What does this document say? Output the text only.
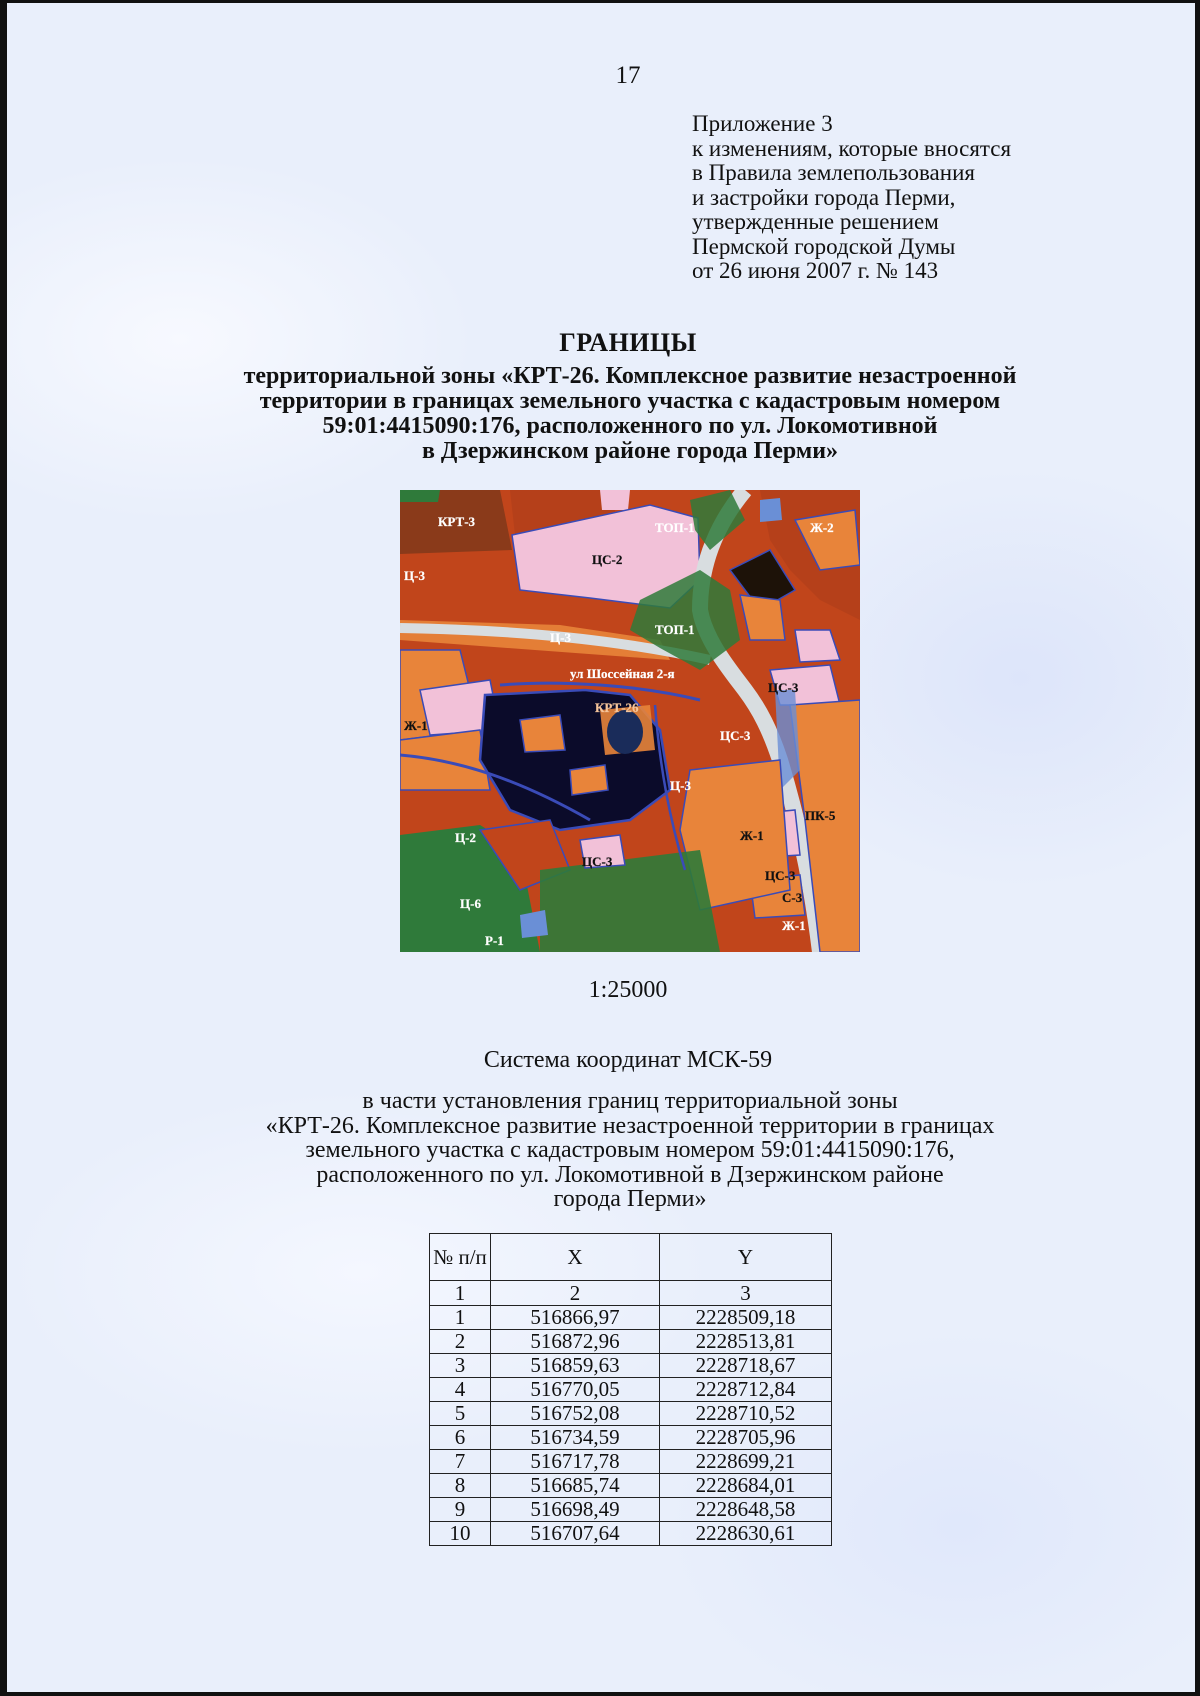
17
Приложение 3
к изменениям, которые вносятся
в Правила землепользования
и застройки города Перми,
утвержденные решением
Пермской городской Думы
от 26 июня 2007 г. № 143
ГРАНИЦЫ
территориальной зоны «КРТ-26. Комплексное развитие незастроенной
территории в границах земельного участка с кадастровым номером
59:01:4415090:176, расположенного по ул. Локомотивной
в Дзержинском районе города Перми»
КРТ-3	ТОП-1
ЦС-2
Ц-3
Ж-2
ТОП-1
Ц-3
ул Шоссейная 2-я
ЦС-3
КРТ-26
Ж-1
ЦС-3
ПК-5
Ц-2
ЦС-3
Ж-1
ЦС-3
С-3
Ж-1
Р-1
Ц-6
Ц-3
1:25000
Система координат МСК-59
в части установления границ территориальной зоны
«КРТ-26. Комплексное развитие незастроенной территории в границах
земельного участка с кадастровым номером 59:01:4415090:176,
расположенного по ул. Локомотивной в Дзержинском районе
города Перми»
№ п/п	X	Y
1	2	3
1	516866,97	2228509,18
2	516872,96	2228513,81
3	516859,63	2228718,67
4	516770,05	2228712,84
5	516752,08	2228710,52
6	516734,59	2228705,96
7	516717,78	2228699,21
8	516685,74	2228684,01
9	516698,49	2228648,58
10	516707,64	2228630,61
